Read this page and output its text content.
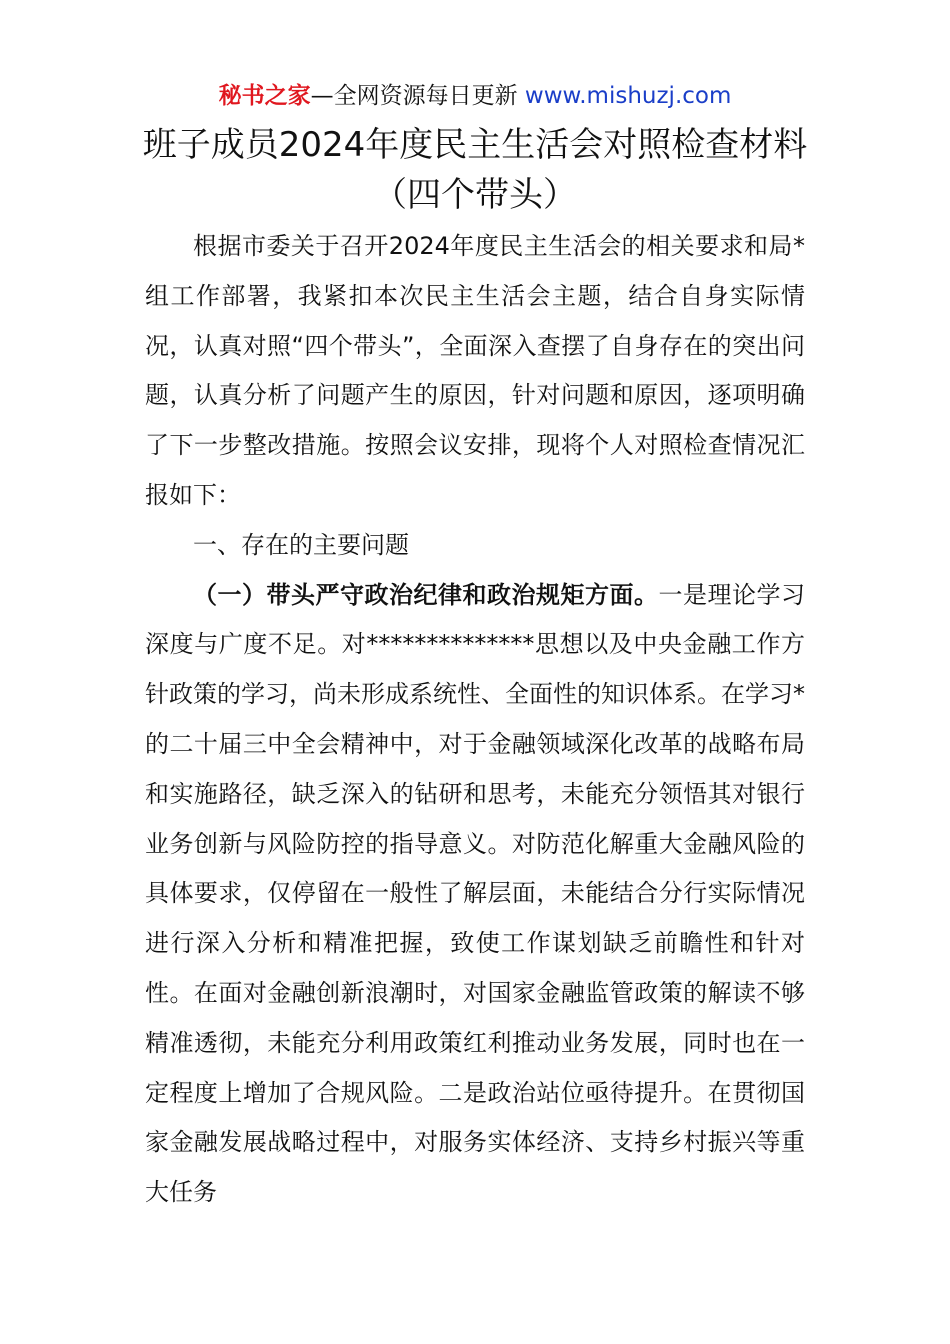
秘书之家—全网资源每日更新 www.mishuzj.com
班子成员2024年度民主生活会对照检查材料（四个带头）

根据市委关于召开2024年度民主生活会的相关要求和局*组工作部署，我紧扣本次民主生活会主题，结合自身实际情况，认真对照“四个带头”，全面深入查摆了自身存在的突出问题，认真分析了问题产生的原因，针对问题和原因，逐项明确了下一步整改措施。按照会议安排，现将个人对照检查情况汇报如下：

一、存在的主要问题

（一）带头严守政治纪律和政治规矩方面。一是理论学习深度与广度不足。对**************思想以及中央金融工作方针政策的学习，尚未形成系统性、全面性的知识体系。在学习*的二十届三中全会精神中，对于金融领域深化改革的战略布局和实施路径，缺乏深入的钻研和思考，未能充分领悟其对银行业务创新与风险防控的指导意义。对防范化解重大金融风险的具体要求，仅停留在一般性了解层面，未能结合分行实际情况进行深入分析和精准把握，致使工作谋划缺乏前瞻性和针对性。在面对金融创新浪潮时，对国家金融监管政策的解读不够精准透彻，未能充分利用政策红利推动业务发展，同时也在一定程度上增加了合规风险。二是政治站位亟待提升。在贯彻国家金融发展战略过程中，对服务实体经济、支持乡村振兴等重大任务
